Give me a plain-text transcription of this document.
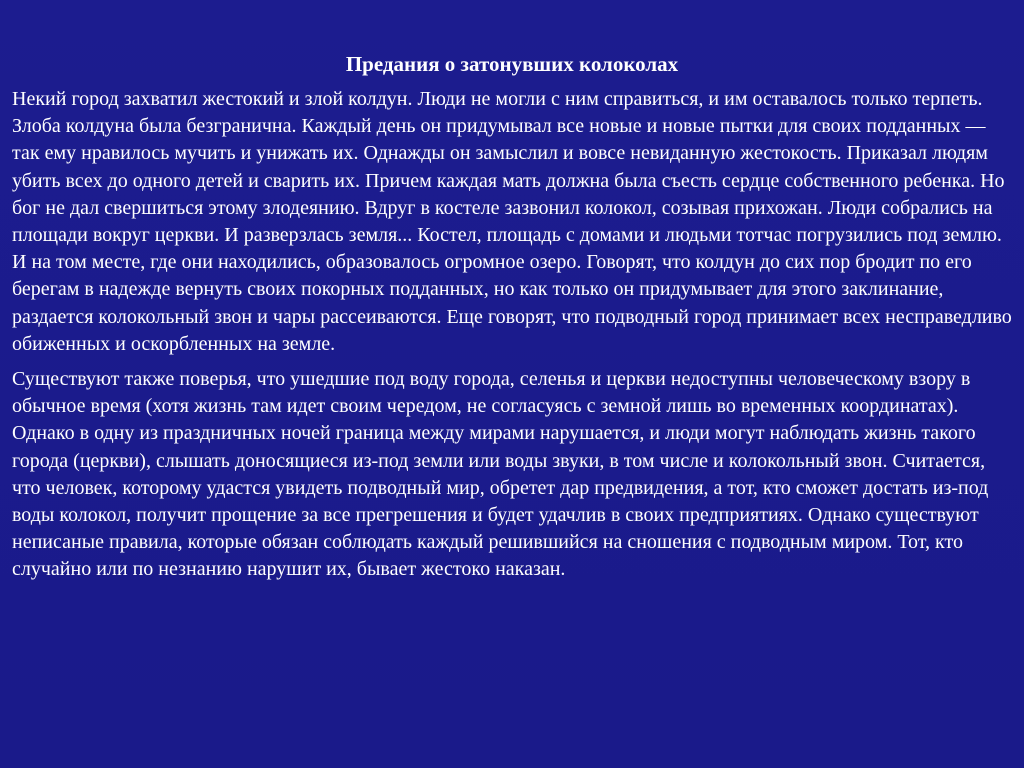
Предания о затонувших колоколах

Некий город захватил жестокий и злой колдун. Люди не могли с ним справиться, и им оставалось только терпеть. Злоба колдуна была безгранична. Каждый день он придумывал все новые и новые пытки для своих подданных — так ему нравилось мучить и унижать их. Однажды он замыслил и вовсе невиданную жестокость. Приказал людям убить всех до одного детей и сварить их. Причем каждая мать должна была съесть сердце собственного ребенка. Но бог не дал свершиться этому злодеянию. Вдруг в костеле зазвонил колокол, созывая прихожан. Люди собрались на площади вокруг церкви. И разверзлась земля... Костел, площадь с домами и людьми тотчас погрузились под землю. И на том месте, где они находились, образовалось огромное озеро. Говорят, что колдун до сих пор бродит по его берегам в надежде вернуть своих покорных подданных, но как только он придумывает для этого заклинание, раздается колокольный звон и чары рассеиваются. Еще говорят, что подводный город принимает всех несправедливо обиженных и оскорбленных на земле.

Существуют также поверья, что ушедшие под воду города, селенья и церкви недоступны человеческому взору в обычное время (хотя жизнь там идет своим чередом, не согласуясь с земной лишь во временных координатах). Однако в одну из праздничных ночей граница между мирами нарушается, и люди могут наблюдать жизнь такого города (церкви), слышать доносящиеся из-под земли или воды звуки, в том числе и колокольный звон. Считается, что человек, которому удастся увидеть подводный мир, обретет дар предвидения, а тот, кто сможет достать из-под воды колокол, получит прощение за все прегрешения и будет удачлив в своих предприятиях. Однако существуют неписаные правила, которые обязан соблюдать каждый решившийся на сношения с подводным миром. Тот, кто случайно или по незнанию нарушит их, бывает жестоко наказан.
